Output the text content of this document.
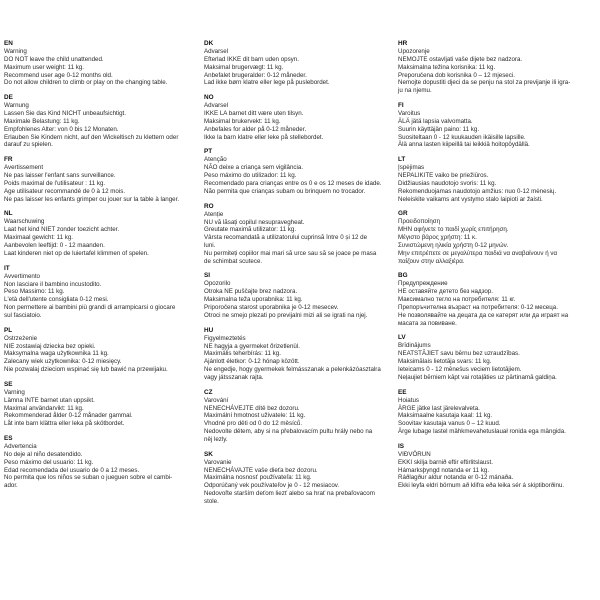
EN
Warning
DO NOT leave the child unattended.
Maximum user weight: 11 kg.
Recommend user age 0-12 months old.
Do not allow children to climb or play on the changing table.
DE
Warnung
Lassen Sie das Kind NICHT unbeaufsichtigt.
Maximale Belastung: 11 kg.
Empfohlenes Alter: von 0 bis 12 Monaten.
Erlauben Sie Kindern nicht, auf den Wickeltisch zu klettern oder
darauf zu spielen.
FR
Avertissement
Ne pas laisser l'enfant sans surveillance.
Poids maximal de l'utilisateur : 11 kg.
Age utilisateur recommandé de 0 à 12 mois.
Ne pas laisser les enfants grimper ou jouer sur la table à langer.
NL
Waarschuwing
Laat het kind NIET zonder toezicht achter.
Maximaal gewicht: 11 kg.
Aanbevolen leeftijd: 0 - 12 maanden.
Laat kinderen niet op de luiertafel klimmen of spelen.
IT
Avvertimento
Non lasciare il bambino incustodito.
Peso Massimo: 11 kg.
L'età dell'utente consigliata 0-12 mesi.
Non permettere ai bambini più grandi di arrampicarsi o giocare
sul fasciatoio.
PL
Ostrzeżenie
NIE zostawiaj dziecka bez opieki.
Maksymalna waga użytkownika 11 kg.
Zalecany wiek użytkownika: 0-12 miesięcy.
Nie pozwalaj dzieciom wspinać się lub bawić na przewijaku.
SE
Varning
Lämna INTE barnet utan uppsikt.
Maximal användarvikt: 11 kg.
Rekommenderad ålder 0-12 månader gammal.
Låt inte barn klättra eller leka på skötbordet.
ES
Advertencia
No deje al niño desatendido.
Peso máximo del usuario: 11 kg.
Edad recomendada del usuario de 0 a 12 meses.
No permita que los niños se suban o jueguen sobre el cambi-
ador.
DK
Advarsel
Efterlad IKKE dit barn uden opsyn.
Maksimal brugervægt: 11 kg.
Anbefalet brugeralder: 0-12 måneder.
Lad ikke børn klatre eller lege på puslebordet.
NO
Advarsel
IKKE LA barnet ditt være uten tilsyn.
Maksimal brukervekt: 11 kg.
Anbefales for alder på 0-12 måneder.
Ikke la barn klatre eller leke på stellebordet.
PT
Atenção
NÃO deixe a criança sem vigilância.
Peso máximo do utilizador: 11 kg.
Recomendado para crianças entre os 0 e os 12 meses de idade.
Não permita que crianças subam ou brinquem no trocador.
RO
Atenție
NU vă lăsați copilul nesupravegheat.
Greutate maximă utilizator: 11 kg.
Vârsta recomandată a utilizatorului cuprinsă între 0 și 12 de
luni.
Nu permiteți copiilor mai mari să urce sau să se joace pe masa
de schimbat scutece.
SI
Opozorilo
Otroka NE puščajte brez nadzora.
Maksimalna teža uporabnika: 11 kg.
Priporočena starost uporabnika je 0-12 mesecev.
Otroci ne smejo plezati po previjalni mizi ali se igrati na njej.
HU
Figyelmeztetés
NE hagyja a gyermeket őrizetlenül.
Maximális teherbírás: 11 kg.
Ajánlott életkor: 0-12 hónap között.
Ne engedje, hogy gyermekek felmásszanak a pelenkázóasztalra
vagy játsszanak rajta.
CZ
Varování
NENECHÁVEJTE dítě bez dozoru.
Maximální hmotnost uživatele: 11 kg.
Vhodné pro děti od 0 do 12 měsíců.
Nedovolte dětem, aby si na přebalovacím pultu hrály nebo na
něj lezly.
SK
Varovanie
NENECHÁVAJTE vaše dieťa bez dozoru.
Maximálna nosnosť používateľa: 11 kg.
Odporúčaný vek používateľov je 0 - 12 mesiacov.
Nedovoľte starším deťom liezť alebo sa hrať na prebaľovacom
stole.
HR
Upozorenje
NEMOJTE ostavljati vaše dijete bez nadzora.
Maksimalna težina korisnika: 11 kg.
Preporučena dob korisnika 0 – 12 mjeseci.
Nemojte dopustiti djeci da se penju na stol za previjanje ili igra-
ju na njemu.
FI
Varoitus
ÄLÄ jätä lapsia valvomatta.
Suurin käyttäjän paino: 11 kg.
Suositeltaan 0 - 12 kuukauden ikäisille lapsille.
Älä anna lasten kiipeillä tai leikkiä hoitopöydällä.
LT
Įspėjimas
NEPALIKITE vaiko be priežiūros.
Didžiausias naudotojo svoris: 11 kg.
Rekomenduojamas naudotojo amžius: nuo 0-12 mėnesių.
Neleiskite vaikams ant vystymo stalo laipioti ar žaisti.
GR
Προειδοποίηση
ΜΗΝ αφήνετε το παιδί χωρίς επιτήρηση.
Μέγιστο βάρος χρήστη: 11 κ.
Συνιστώμενη ηλικία χρήστη 0-12 μηνών.
Μην επιτρέπετε σε μεγαλύτερα παιδιά να αναβαίνουν ή να
παίζουν στην αλλαξιέρα.
BG
Предупреждение
НЕ оставяйте детето без надзор.
Максимално тегло на потребителя: 11 кг.
Препоръчителна възраст на потребителя: 0-12 месеца.
Не позволявайте на децата да се катерят или да играят на
масата за повиване.
LV
Brīdinājums
NEATSTĀJIET savu bērnu bez uzraudzības.
Maksimālais lietotāja svars: 11 kg.
Ieteicams 0 - 12 mēnešus veciem lietotājiem.
Neļaujiet bērniem kāpt vai rotaļāties uz pārtinamā galdiņa.
EE
Hoiatus
ÄRGE jätke last järelevalveta.
Maksimaalne kasutaja kaal: 11 kg.
Soovitav kasutaja vanus 0 – 12 kuud.
Ärge lubage lastel mähkmevahetuslauał ronida ega mängida.
IS
VIÐVÖRUN
EKKI skilja barnið eftir eftirlitslaust.
Hámarksþyngd notanda er 11 kg.
Ráðlagður aldur notanda er 0-12 mánaða.
Ekki leyfa eldri börnum að klifra eða leika sér á skiptiborðinu.
